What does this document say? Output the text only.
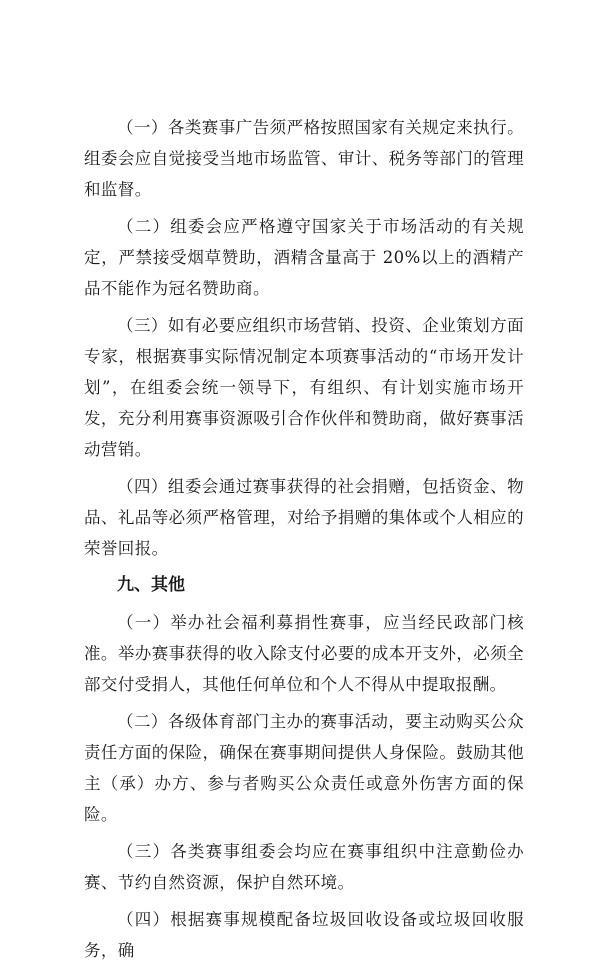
（一）各类赛事广告须严格按照国家有关规定来执行。组委会应自觉接受当地市场监管、审计、税务等部门的管理和监督。

（二）组委会应严格遵守国家关于市场活动的有关规定，严禁接受烟草赞助，酒精含量高于 20%以上的酒精产品不能作为冠名赞助商。

（三）如有必要应组织市场营销、投资、企业策划方面专家，根据赛事实际情况制定本项赛事活动的“市场开发计划”，在组委会统一领导下，有组织、有计划实施市场开发，充分利用赛事资源吸引合作伙伴和赞助商，做好赛事活动营销。

（四）组委会通过赛事获得的社会捐赠，包括资金、物品、礼品等必须严格管理，对给予捐赠的集体或个人相应的荣誉回报。

九、其他

（一）举办社会福利募捐性赛事，应当经民政部门核准。举办赛事获得的收入除支付必要的成本开支外，必须全部交付受捐人，其他任何单位和个人不得从中提取报酬。

（二）各级体育部门主办的赛事活动，要主动购买公众责任方面的保险，确保在赛事期间提供人身保险。鼓励其他主（承）办方、参与者购买公众责任或意外伤害方面的保险。

（三）各类赛事组委会均应在赛事组织中注意勤俭办赛、节约自然资源，保护自然环境。

（四）根据赛事规模配备垃圾回收设备或垃圾回收服务，确
